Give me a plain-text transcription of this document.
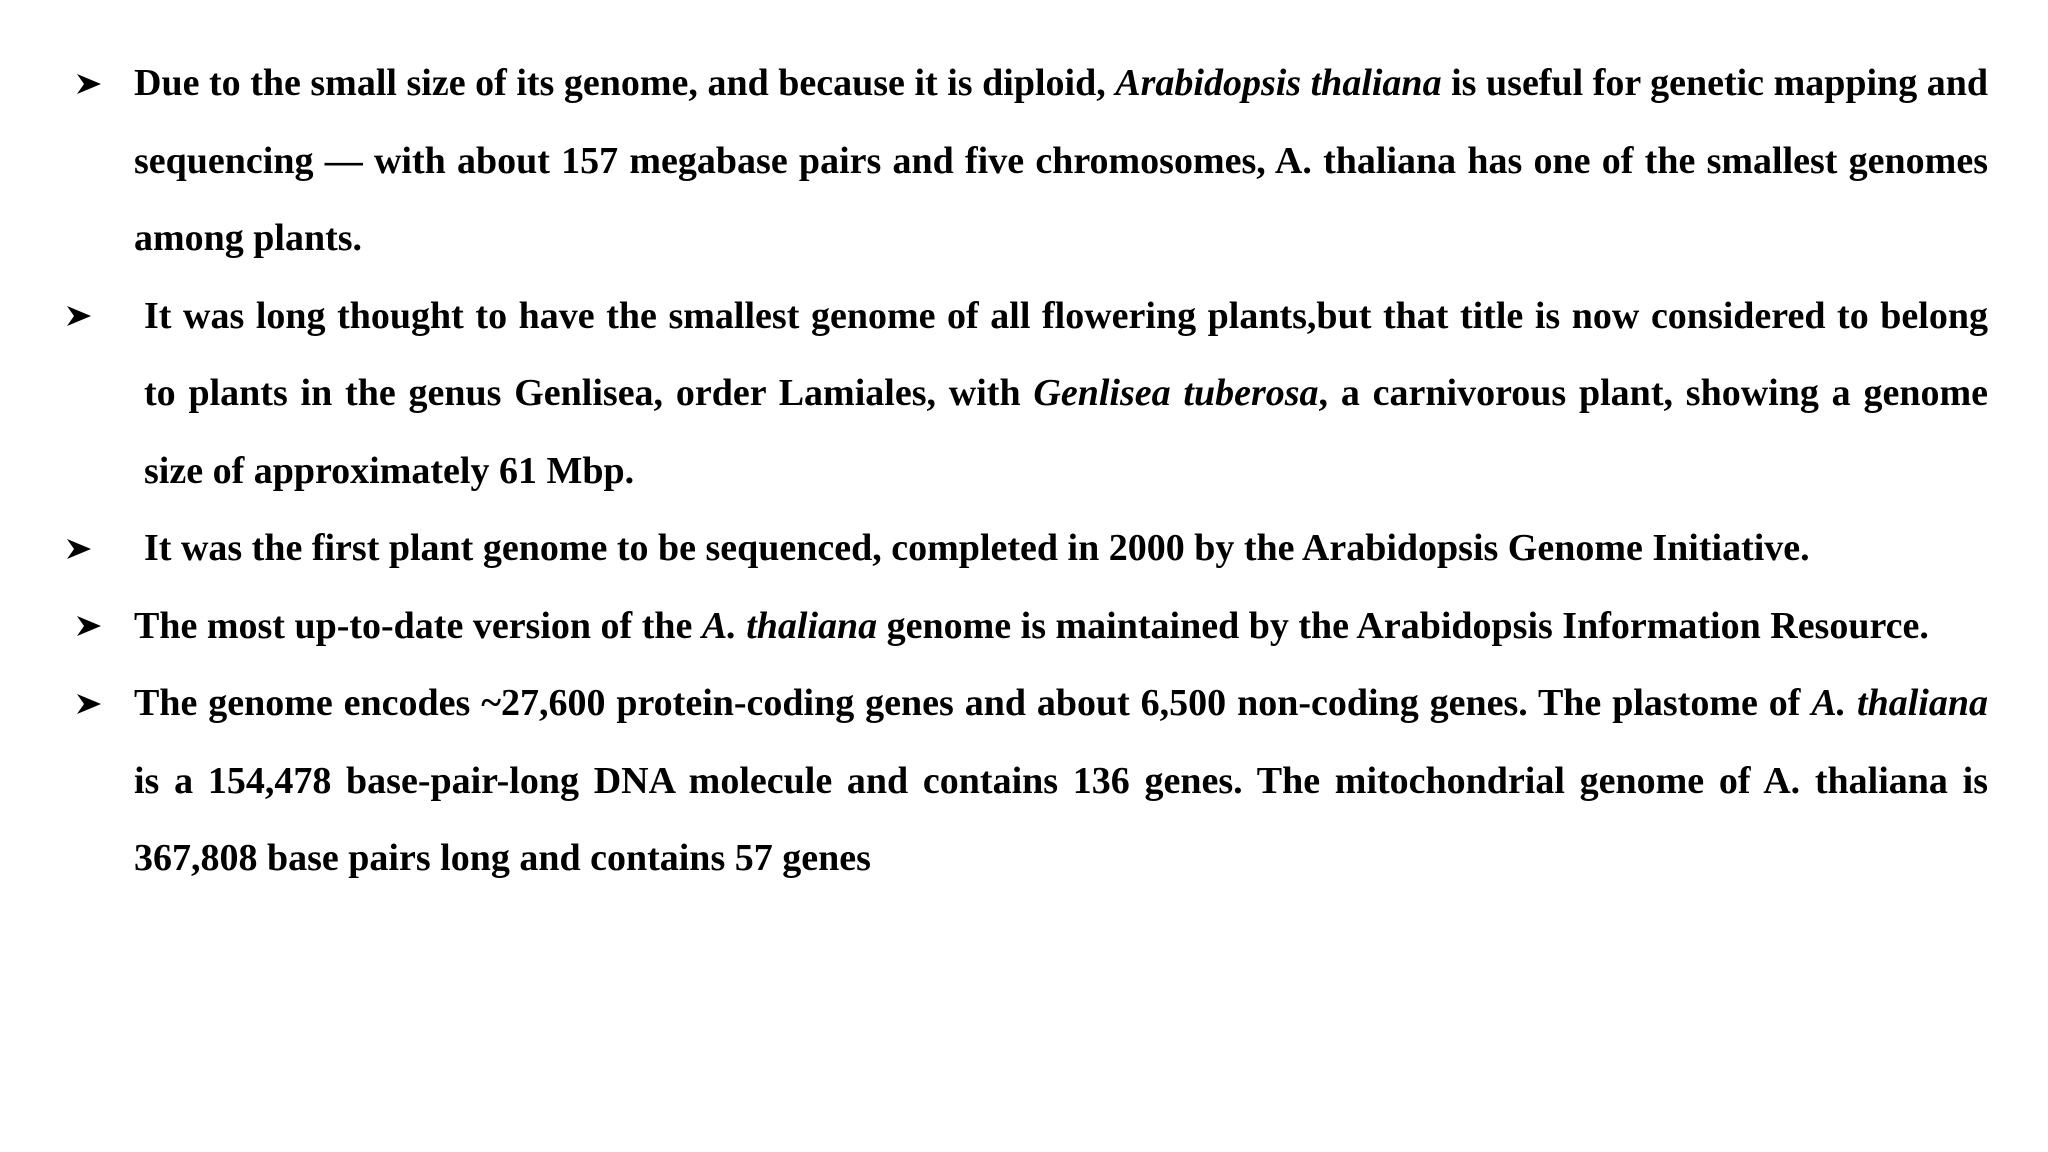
Due to the small size of its genome, and because it is diploid, Arabidopsis thaliana is useful for genetic mapping and sequencing — with about 157 megabase pairs and five chromosomes, A. thaliana has one of the smallest genomes among plants.
It was long thought to have the smallest genome of all flowering plants,but that title is now considered to belong to plants in the genus Genlisea, order Lamiales, with Genlisea tuberosa, a carnivorous plant, showing a genome size of approximately 61 Mbp.
It was the first plant genome to be sequenced, completed in 2000 by the Arabidopsis Genome Initiative.
The most up-to-date version of the A. thaliana genome is maintained by the Arabidopsis Information Resource.
The genome encodes ~27,600 protein-coding genes and about 6,500 non-coding genes. The plastome of A. thaliana is a 154,478 base-pair-long DNA molecule and contains 136 genes. The mitochondrial genome of A. thaliana is 367,808 base pairs long and contains 57 genes
